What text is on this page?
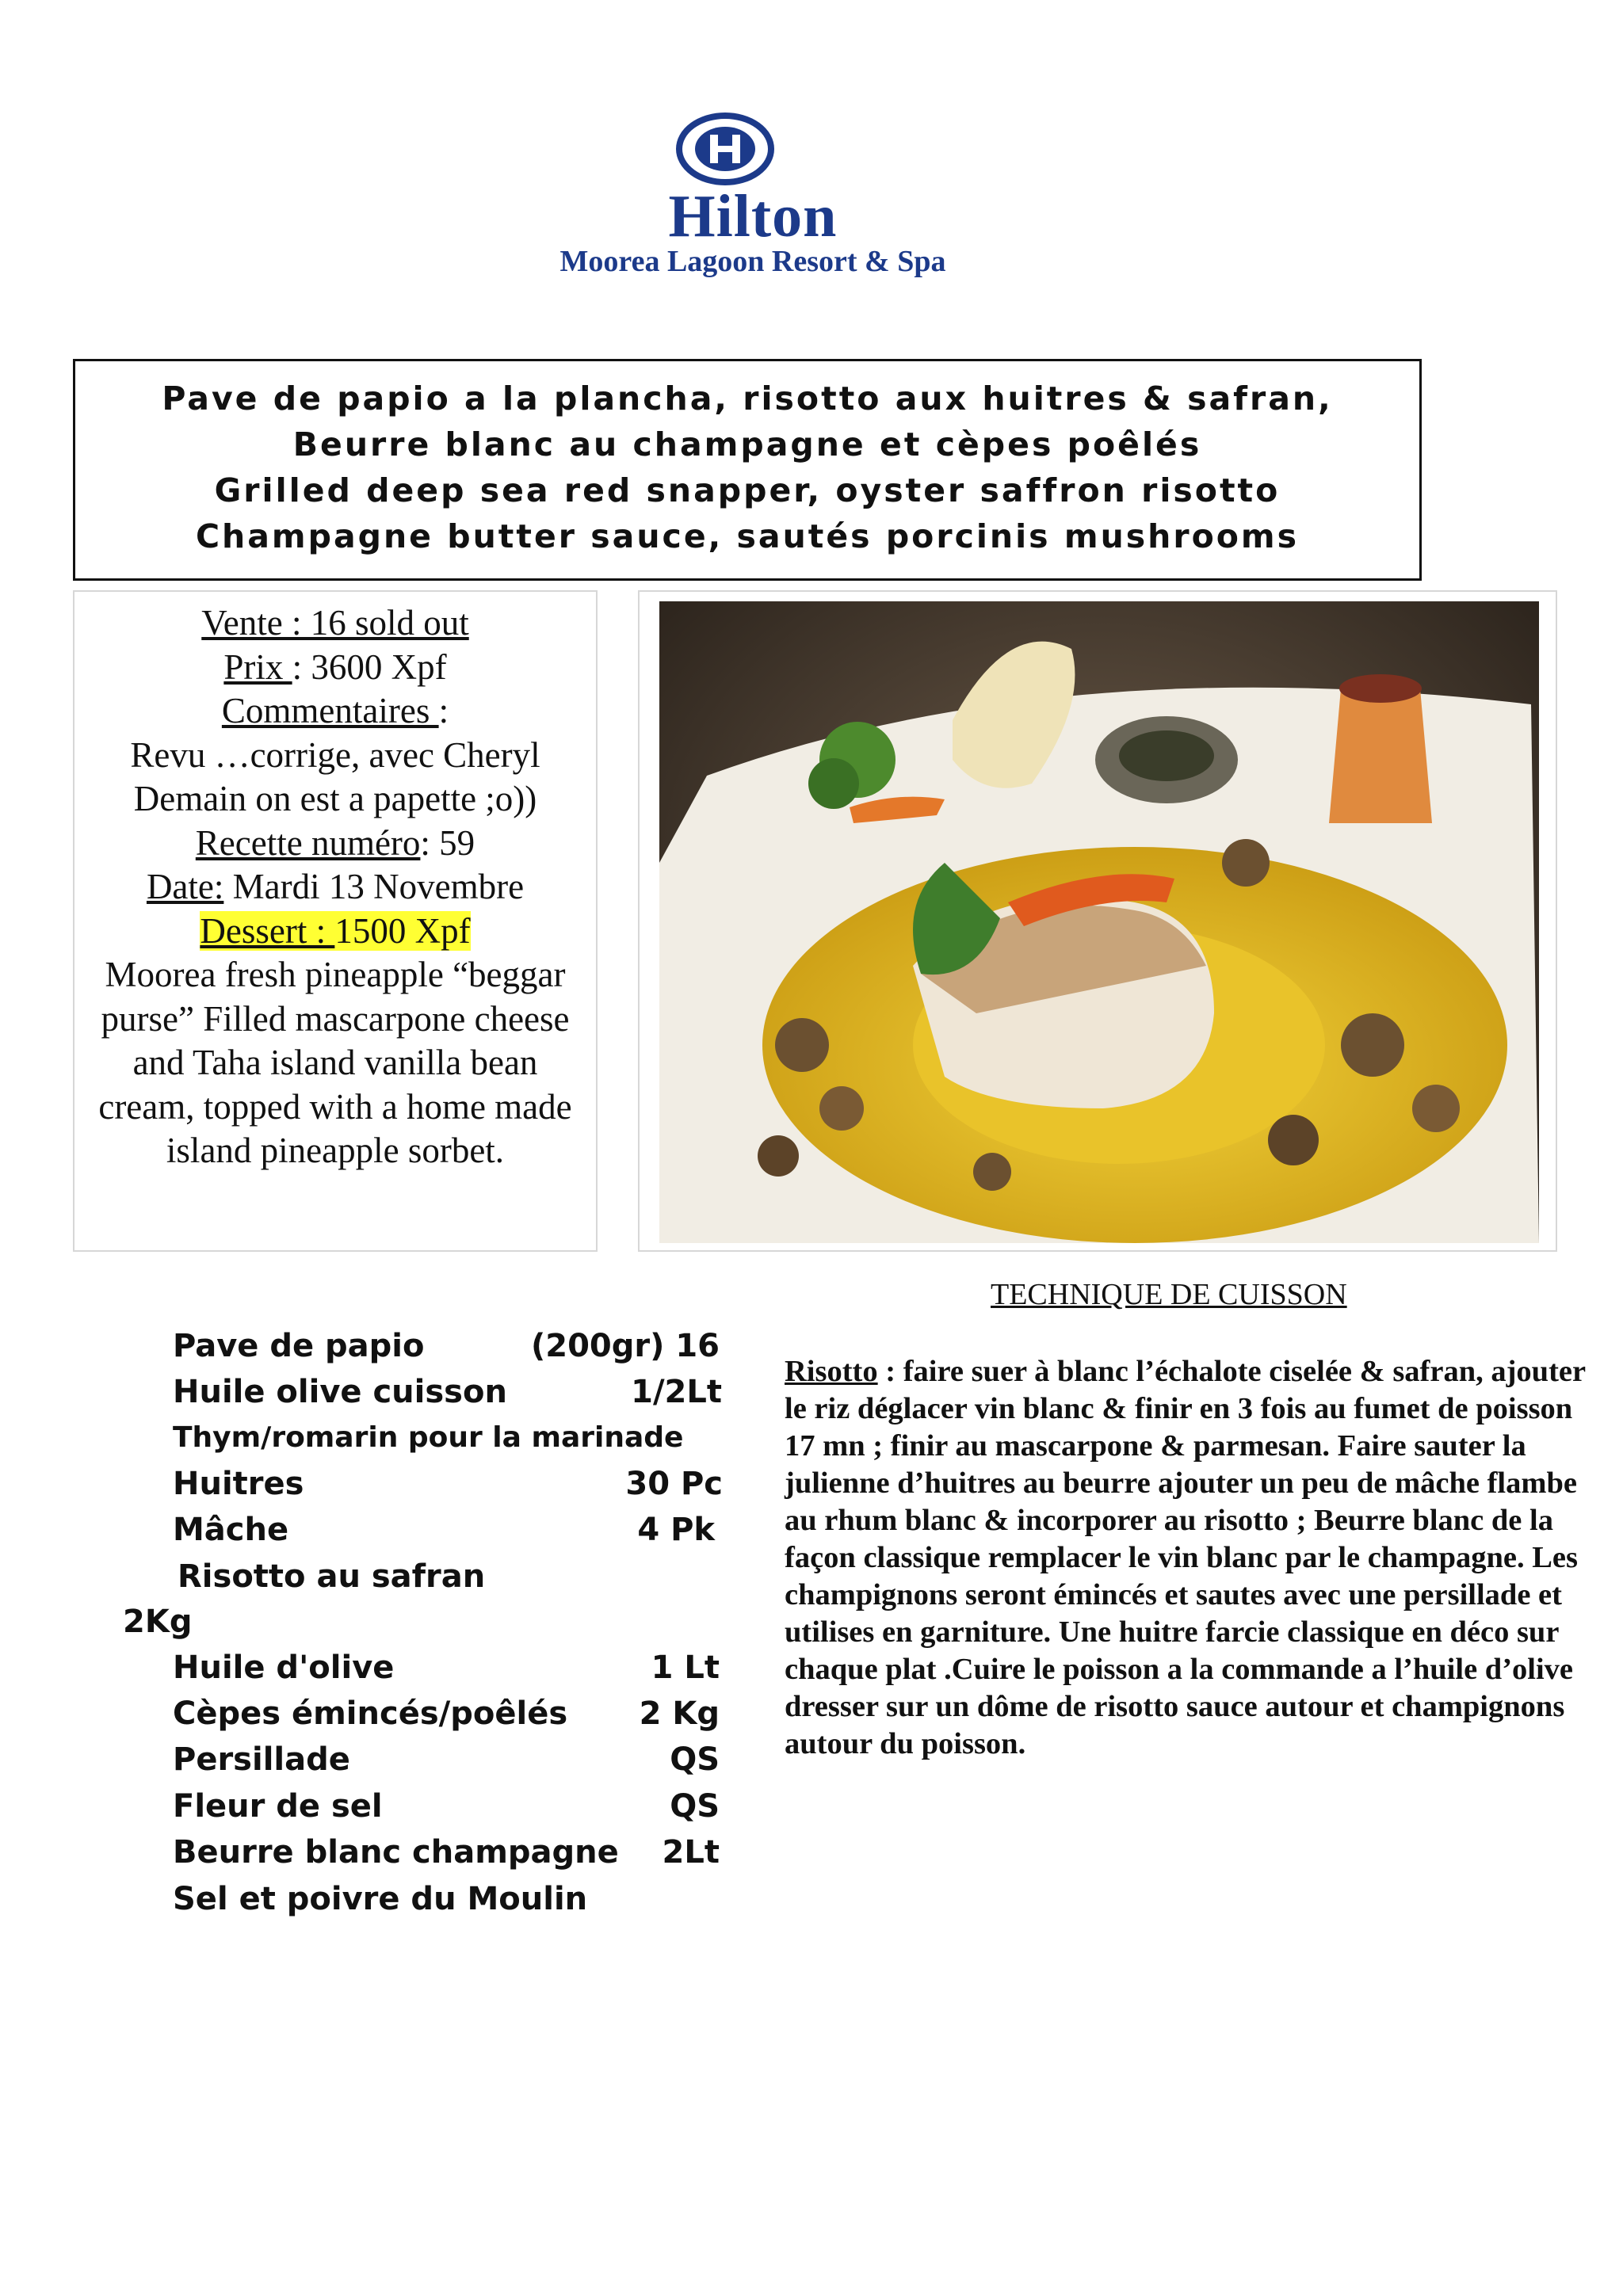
Hilton
Moorea Lagoon Resort & Spa
Pave de papio a la plancha, risotto aux huitres & safran,
Beurre blanc au champagne et cèpes poêlés
Grilled deep sea red snapper, oyster saffron risotto
Champagne butter sauce, sautés porcinis mushrooms
Vente : 16 sold out
Prix : 3600 Xpf
Commentaires :
Revu …corrige, avec Cheryl
Demain on est a papette ;o))
Recette numéro: 59
Date: Mardi 13 Novembre
Dessert : 1500 Xpf
Moorea fresh pineapple “beggar purse” Filled mascarpone cheese and Taha island vanilla bean cream, topped with a home made island pineapple sorbet.
Pave de papio	(200gr) 16
Huile olive cuisson	1/2Lt
Thym/romarin pour la marinade
Huitres	30 Pc
Mâche	4 Pk
Risotto au safran
2Kg
Huile d'olive	1 Lt
Cèpes émincés/poêlés 2 Kg
Persillade	QS
Fleur de sel	QS
Beurre blanc champagne 2Lt
Sel et poivre du Moulin
TECHNIQUE DE CUISSON
Risotto : faire suer à blanc l’échalote ciselée & safran, ajouter le riz déglacer vin blanc & finir en 3 fois au fumet de poisson 17 mn ; finir au mascarpone & parmesan. Faire sauter la julienne d’huitres au beurre ajouter un peu de mâche flambe au rhum blanc & incorporer au risotto ; Beurre blanc de la façon classique remplacer le vin blanc par le champagne. Les champignons seront émincés et sautes avec une persillade et utilises en garniture. Une huitre farcie classique en déco sur chaque plat .Cuire le poisson a la commande a l’huile d’olive dresser sur un dôme de risotto sauce autour et champignons autour du poisson.
